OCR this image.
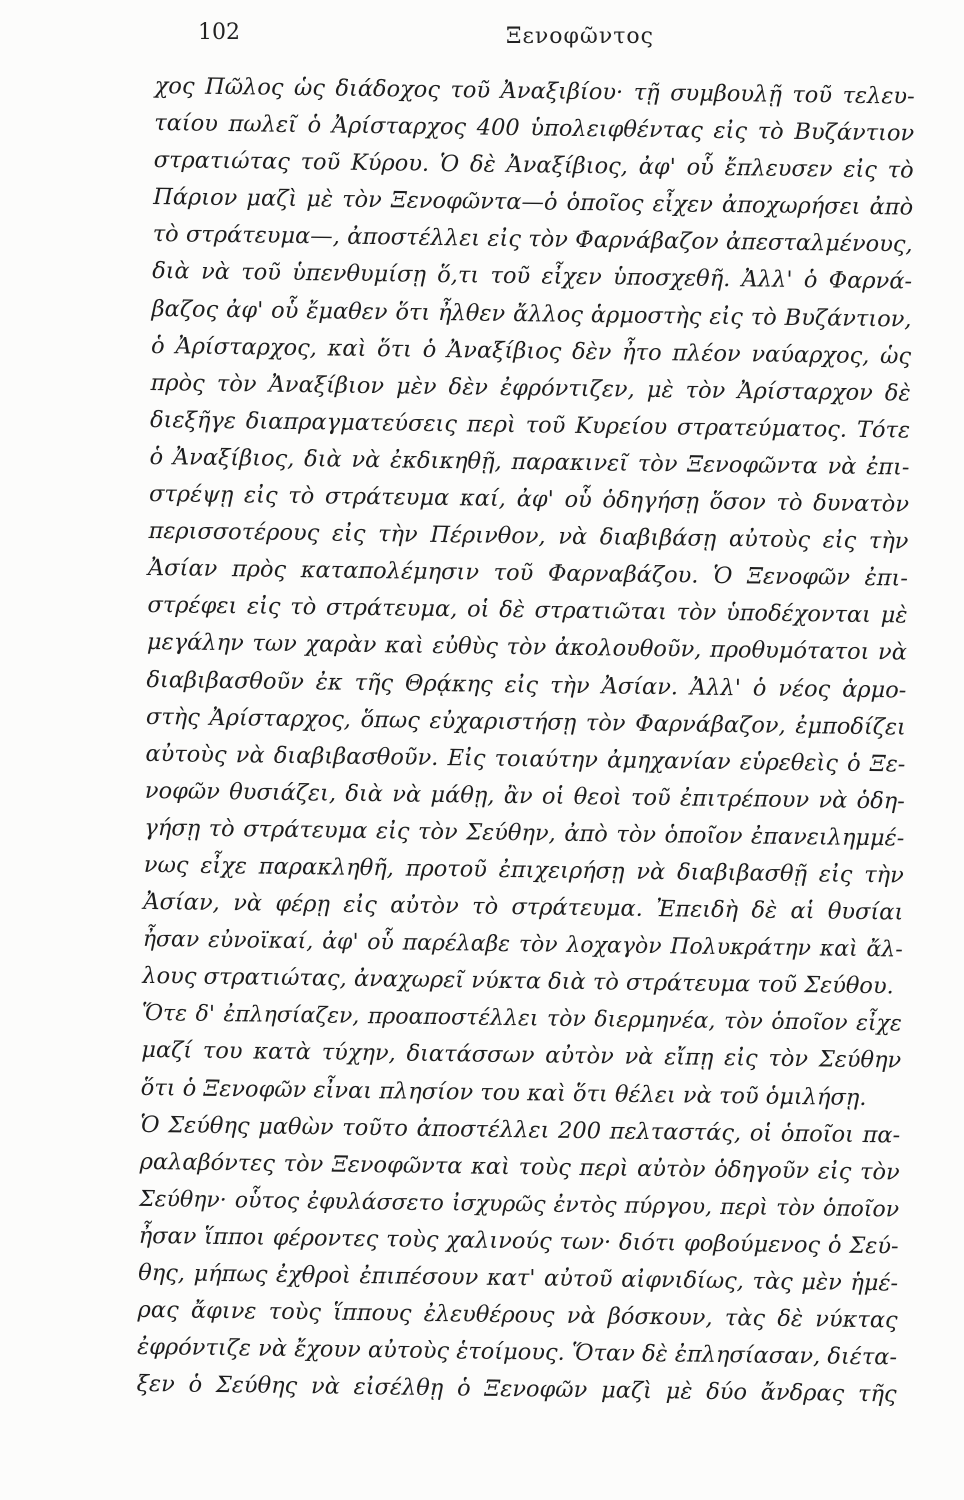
102	Ξενοφῶντος
χος Πῶλος ὡς διάδοχος τοῦ Ἀναξιβίου· τῇ συμβουλῇ τοῦ τελευ-
ταίου πωλεῖ ὁ Ἀρίσταρχος 400 ὑπολειφθέντας εἰς τὸ Βυζάντιον
στρατιώτας τοῦ Κύρου. Ὁ δὲ Ἀναξίβιος, ἀφ' οὗ ἔπλευσεν εἰς τὸ
Πάριον μαζὶ μὲ τὸν Ξενοφῶντα—ὁ ὁποῖος εἶχεν ἀποχωρήσει ἀπὸ
τὸ στράτευμα—, ἀποστέλλει εἰς τὸν Φαρνάβαζον ἀπεσταλμένους,
διὰ νὰ τοῦ ὑπενθυμίσῃ ὅ,τι τοῦ εἶχεν ὑποσχεθῆ. Ἀλλ' ὁ Φαρνά-
βαζος ἀφ' οὗ ἔμαθεν ὅτι ἦλθεν ἄλλος ἁρμοστὴς εἰς τὸ Βυζάντιον,
ὁ Ἀρίσταρχος, καὶ ὅτι ὁ Ἀναξίβιος δὲν ἦτο πλέον ναύαρχος, ὡς
πρὸς τὸν Ἀναξίβιον μὲν δὲν ἐφρόντιζεν, μὲ τὸν Ἀρίσταρχον δὲ
διεξῆγε διαπραγματεύσεις περὶ τοῦ Κυρείου στρατεύματος. Τότε
ὁ Ἀναξίβιος, διὰ νὰ ἐκδικηθῇ, παρακινεῖ τὸν Ξενοφῶντα νὰ ἐπι-
στρέψῃ εἰς τὸ στράτευμα καί, ἀφ' οὗ ὁδηγήσῃ ὅσον τὸ δυνατὸν
περισσοτέρους εἰς τὴν Πέρινθον, νὰ διαβιβάσῃ αὐτοὺς εἰς τὴν
Ἀσίαν πρὸς καταπολέμησιν τοῦ Φαρναβάζου. Ὁ Ξενοφῶν ἐπι-
στρέφει εἰς τὸ στράτευμα, οἱ δὲ στρατιῶται τὸν ὑποδέχονται μὲ
μεγάλην των χαρὰν καὶ εὐθὺς τὸν ἀκολουθοῦν, προθυμότατοι νὰ
διαβιβασθοῦν ἐκ τῆς Θρᾴκης εἰς τὴν Ἀσίαν. Ἀλλ' ὁ νέος ἁρμο-
στὴς Ἀρίσταρχος, ὅπως εὐχαριστήσῃ τὸν Φαρνάβαζον, ἐμποδίζει
αὐτοὺς νὰ διαβιβασθοῦν. Εἰς τοιαύτην ἀμηχανίαν εὑρεθεὶς ὁ Ξε-
νοφῶν θυσιάζει, διὰ νὰ μάθῃ, ἂν οἱ θεοὶ τοῦ ἐπιτρέπουν νὰ ὁδη-
γήσῃ τὸ στράτευμα εἰς τὸν Σεύθην, ἀπὸ τὸν ὁποῖον ἐπανειλημμέ-
νως εἶχε παρακληθῆ, προτοῦ ἐπιχειρήσῃ νὰ διαβιβασθῇ εἰς τὴν
Ἀσίαν, νὰ φέρῃ εἰς αὐτὸν τὸ στράτευμα. Ἐπειδὴ δὲ αἱ θυσίαι
ἦσαν εὐνοϊκαί, ἀφ' οὗ παρέλαβε τὸν λοχαγὸν Πολυκράτην καὶ ἄλ-
λους στρατιώτας, ἀναχωρεῖ νύκτα διὰ τὸ στράτευμα τοῦ Σεύθου.
Ὅτε δ' ἐπλησίαζεν, προαποστέλλει τὸν διερμηνέα, τὸν ὁποῖον εἶχε
μαζί του κατὰ τύχην, διατάσσων αὐτὸν νὰ εἴπῃ εἰς τὸν Σεύθην
ὅτι ὁ Ξενοφῶν εἶναι πλησίον του καὶ ὅτι θέλει νὰ τοῦ ὁμιλήσῃ.
Ὁ Σεύθης μαθὼν τοῦτο ἀποστέλλει 200 πελταστάς, οἱ ὁποῖοι πα-
ραλαβόντες τὸν Ξενοφῶντα καὶ τοὺς περὶ αὐτὸν ὁδηγοῦν εἰς τὸν
Σεύθην· οὗτος ἐφυλάσσετο ἰσχυρῶς ἐντὸς πύργου, περὶ τὸν ὁποῖον
ἦσαν ἵπποι φέροντες τοὺς χαλινούς των· διότι φοβούμενος ὁ Σεύ-
θης, μήπως ἐχθροὶ ἐπιπέσουν κατ' αὐτοῦ αἰφνιδίως, τὰς μὲν ἡμέ-
ρας ἄφινε τοὺς ἵππους ἐλευθέρους νὰ βόσκουν, τὰς δὲ νύκτας
ἐφρόντιζε νὰ ἔχουν αὐτοὺς ἑτοίμους. Ὅταν δὲ ἐπλησίασαν, διέτα-
ξεν ὁ Σεύθης νὰ εἰσέλθῃ ὁ Ξενοφῶν μαζὶ μὲ δύο ἄνδρας τῆς
